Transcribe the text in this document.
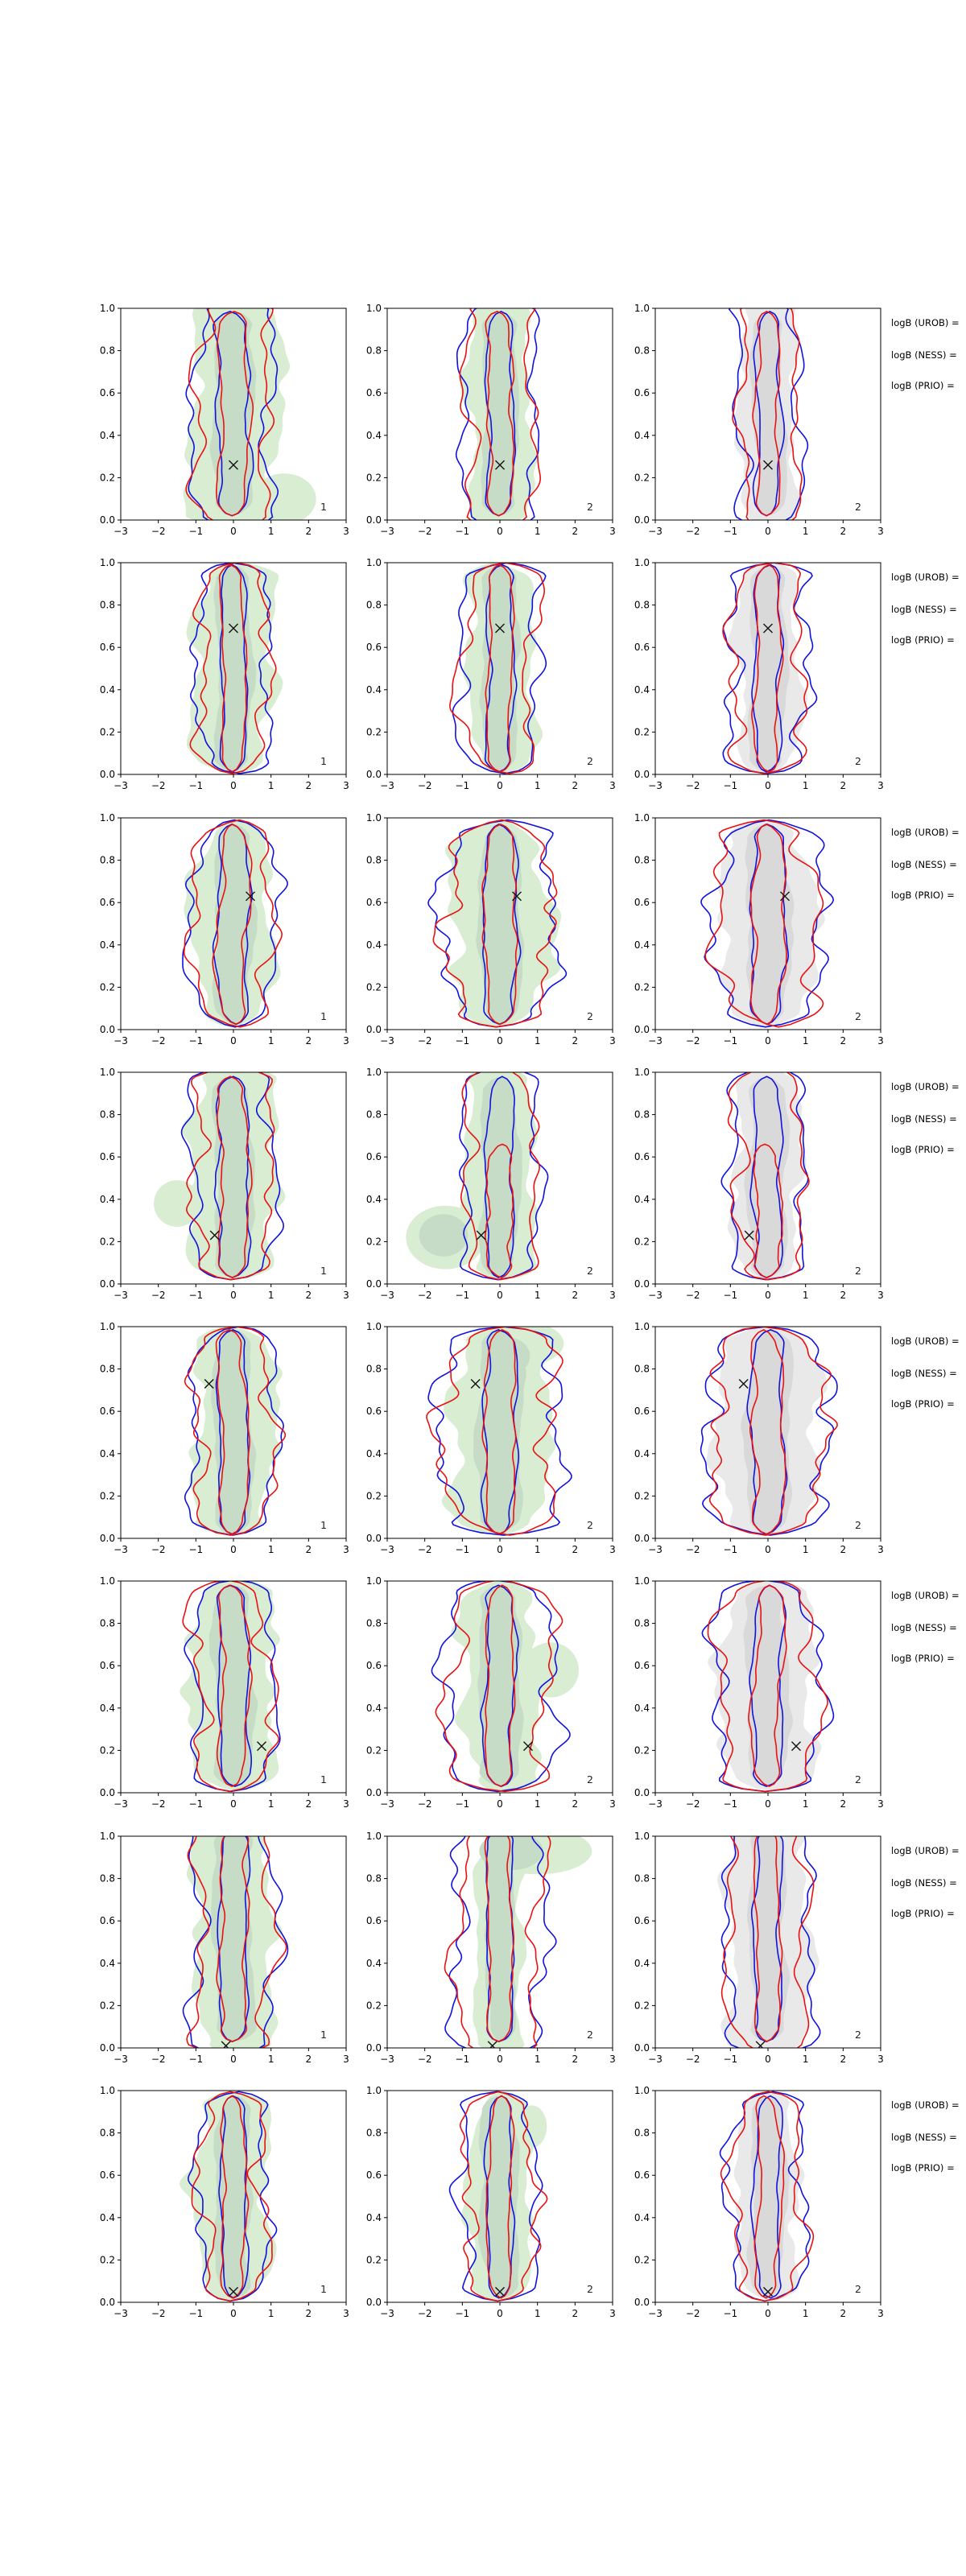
−3 −2 −1	0	1	2	3
0.0
0.2
0.4
0.6
0.8
1.0
1
−3 −2 −1	0	1	2	3
0.0
0.2
0.4
0.6
0.8
1.0
2
−3 −2 −1	0	1	2	3
0.0
0.2
0.4
0.6
0.8
1.0
2
−3 −2 −1	0	1	2	3
0.0
0.2
0.4
0.6
0.8
1.0
1
−3 −2 −1	0	1	2	3
0.0
0.2
0.4
0.6
0.8
1.0
2
−3 −2 −1	0	1	2	3
0.0
0.2
0.4
0.6
0.8
1.0
2
−3 −2 −1	0	1	2	3
0.0
0.2
0.4
0.6
0.8
1.0
1
−3 −2 −1	0	1	2	3
0.0
0.2
0.4
0.6
0.8
1.0
2
−3 −2 −1	0	1	2	3
0.0
0.2
0.4
0.6
0.8
1.0
2
−3 −2 −1	0	1	2	3
0.0
0.2
0.4
0.6
0.8
1.0
1
−3 −2 −1	0	1	2	3
0.0
0.2
0.4
0.6
0.8
1.0
2
−3 −2 −1	0	1	2	3
0.0
0.2
0.4
0.6
0.8
1.0
2
−3 −2 −1	0	1	2	3
0.0
0.2
0.4
0.6
0.8
1.0
1
−3 −2 −1	0	1	2	3
0.0
0.2
0.4
0.6
0.8
1.0
2
−3 −2 −1	0	1	2	3
0.0
0.2
0.4
0.6
0.8
1.0
2
−3 −2 −1	0	1	2	3
0.0
0.2
0.4
0.6
0.8
1.0
1
−3 −2 −1	0	1	2	3
0.0
0.2
0.4
0.6
0.8
1.0
2
−3 −2 −1	0	1	2	3
0.0
0.2
0.4
0.6
0.8
1.0
2
−3 −2 −1	0	1	2	3
0.0
0.2
0.4
0.6
0.8
1.0
1
−3 −2 −1	0	1	2	3
0.0
0.2
0.4
0.6
0.8
1.0
2
−3 −2 −1	0	1	2	3
0.0
0.2
0.4
0.6
0.8
1.0
2
−3 −2 −1	0	1	2	3
0.0
0.2
0.4
0.6
0.8
1.0
1
−3 −2 −1	0	1	2	3
0.0
0.2
0.4
0.6
0.8
1.0
2
−3 −2 −1	0	1	2	3
0.0
0.2
0.4
0.6
0.8
1.0
2
logB (UROB) =
logB (NESS) =
logB (PRIO) =
logB (UROB) =
logB (NESS) =
logB (PRIO) =
logB (UROB) =
logB (NESS) =
logB (PRIO) =
logB (UROB) =
logB (NESS) =
logB (PRIO) =
logB (UROB) =
logB (NESS) =
logB (PRIO) =
logB (UROB) =
logB (NESS) =
logB (PRIO) =
logB (UROB) =
logB (NESS) =
logB (PRIO) =
logB (UROB) =
logB (NESS) =
logB (PRIO) =
